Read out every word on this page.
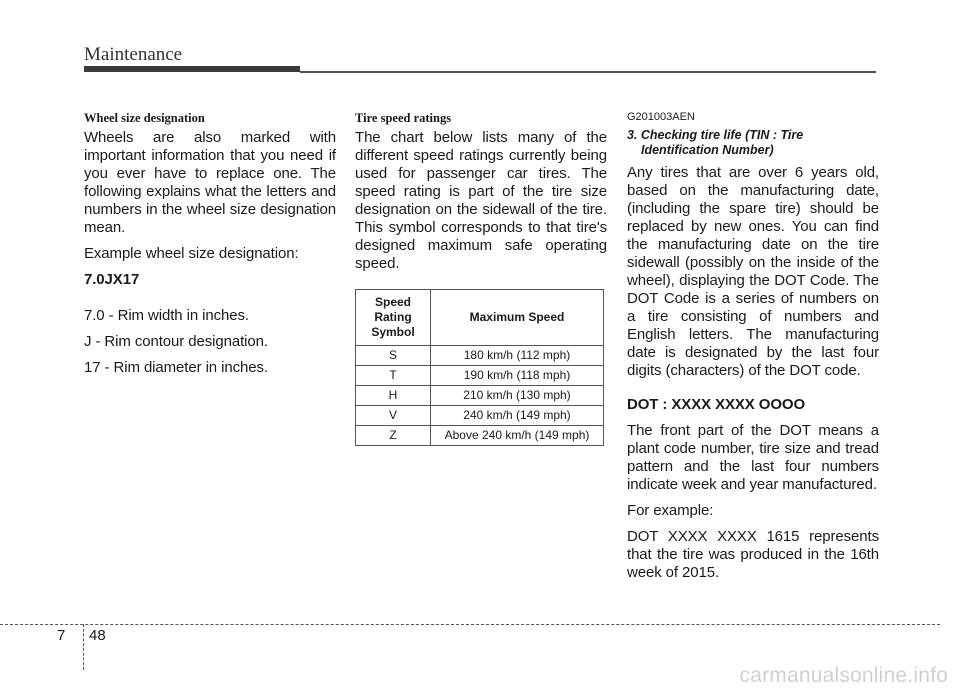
Maintenance
Wheel size designation

Wheels are also marked with important information that you need if you ever have to replace one. The following explains what the letters and numbers in the wheel size designation mean.

Example wheel size designation:

7.0JX17

7.0 - Rim width in inches.

J - Rim contour designation.

17 - Rim diameter in inches.

Tire speed ratings

The chart below lists many of the different speed ratings currently being used for passenger car tires. The speed rating is part of the tire size designation on the sidewall of the tire. This symbol corresponds to that tire's designed maximum safe operating speed.

Speed Rating Symbol	Maximum Speed
S	180 km/h (112 mph)
T	190 km/h (118 mph)
H	210 km/h (130 mph)
V	240 km/h (149 mph)
Z	Above 240 km/h (149 mph)
G201003AEN
3. Checking tire life (TIN : Tire Identification Number)

Any tires that are over 6 years old, based on the manufacturing date, (including the spare tire) should be replaced by new ones. You can find the manufacturing date on the tire sidewall (possibly on the inside of the wheel), displaying the DOT Code. The DOT Code is a series of numbers on a tire consisting of numbers and English letters. The manufacturing date is designated by the last four digits (characters) of the DOT code.

DOT : XXXX XXXX OOOO

The front part of the DOT means a plant code number, tire size and tread pattern and the last four numbers indicate week and year manufactured.

For example:

DOT XXXX XXXX 1615 represents that the tire was produced in the 16th week of 2015.

7 48
carmanualsonline.info
